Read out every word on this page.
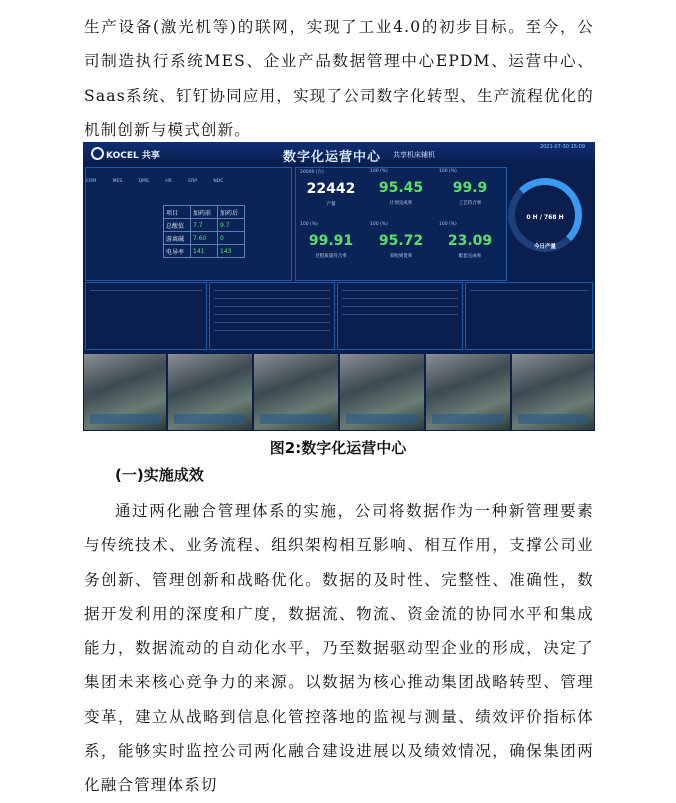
生产设备(激光机等)的联网，实现了工业4.0的初步目标。至今，公司制造执行系统MES、企业产品数据管理中心EPDM、运营中心、Saas系统、钉钉协同应用，实现了公司数字化转型、生产流程优化的机制创新与模式创新。

KOCEL 共享	数字化运营中心 共享机床辅机
2021-07-30 15:09
CRM	MES	QMS	HR	ERP	NDC
项目	加药前	加药后
总酸值	7.7	9.7
游离碱	7.60	0
电导率	141	143
20000 (台)
22442
产量
100 (%)
95.45
计划完成率
100 (%)
99.9
工艺符合率
100 (%)
99.91
过程质量符合率
100 (%)
95.72
采购到货率
100 (%)
23.09
配套完成率
0 H / 768 H
今日产量
图2:数字化运营中心
(一)实施成效

通过两化融合管理体系的实施，公司将数据作为一种新管理要素与传统技术、业务流程、组织架构相互影响、相互作用，支撑公司业务创新、管理创新和战略优化。数据的及时性、完整性、准确性，数据开发利用的深度和广度，数据流、物流、资金流的协同水平和集成能力，数据流动的自动化水平，乃至数据驱动型企业的形成，决定了集团未来核心竞争力的来源。以数据为核心推动集团战略转型、管理变革，建立从战略到信息化管控落地的监视与测量、绩效评价指标体系，能够实时监控公司两化融合建设进展以及绩效情况，确保集团两化融合管理体系切
